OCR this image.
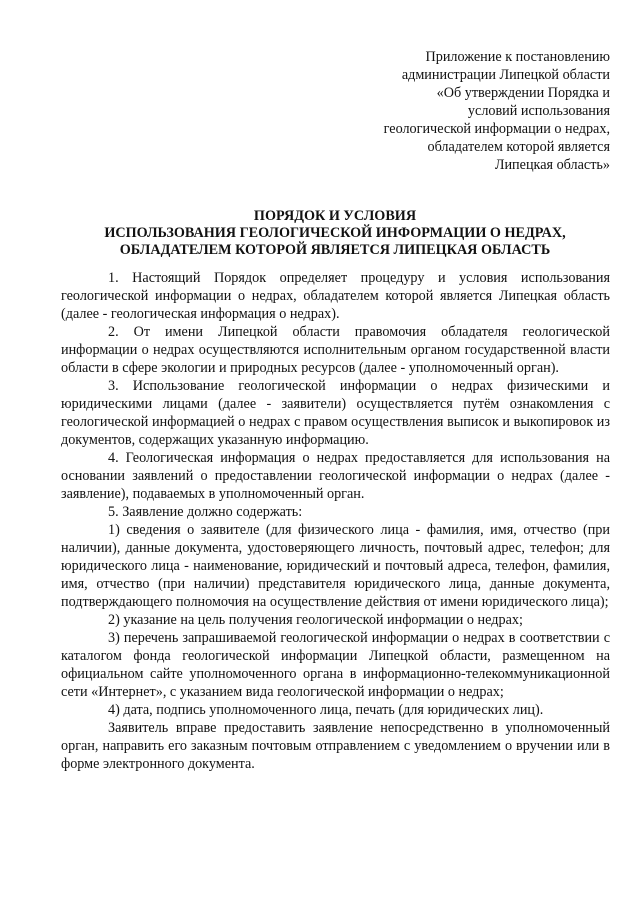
Приложение к постановлению
администрации Липецкой области
«Об утверждении Порядка и
условий использования
геологической информации о недрах,
обладателем которой является
Липецкая область»
ПОРЯДОК И УСЛОВИЯ
ИСПОЛЬЗОВАНИЯ ГЕОЛОГИЧЕСКОЙ ИНФОРМАЦИИ О НЕДРАХ,
ОБЛАДАТЕЛЕМ КОТОРОЙ ЯВЛЯЕТСЯ ЛИПЕЦКАЯ ОБЛАСТЬ

1. Настоящий Порядок определяет процедуру и условия использования геологической информации о недрах, обладателем которой является Липецкая область (далее - геологическая информация о недрах).

2. От имени Липецкой области правомочия обладателя геологической информации о недрах осуществляются исполнительным органом государственной власти области в сфере экологии и природных ресурсов (далее - уполномоченный орган).

3. Использование геологической информации о недрах физическими и юридическими лицами (далее - заявители) осуществляется путём ознакомления с геологической информацией о недрах с правом осуществления выписок и выкопировок из документов, содержащих указанную информацию.

4. Геологическая информация о недрах предоставляется для использования на основании заявлений о предоставлении геологической информации о недрах (далее - заявление), подаваемых в уполномоченный орган.

5. Заявление должно содержать:

1) сведения о заявителе (для физического лица - фамилия, имя, отчество (при наличии), данные документа, удостоверяющего личность, почтовый адрес, телефон; для юридического лица - наименование, юридический и почтовый адреса, телефон, фамилия, имя, отчество (при наличии) представителя юридического лица, данные документа, подтверждающего полномочия на осуществление действия от имени юридического лица);

2) указание на цель получения геологической информации о недрах;

3) перечень запрашиваемой геологической информации о недрах в соответствии с каталогом фонда геологической информации Липецкой области, размещенном на официальном сайте уполномоченного органа в информационно-телекоммуникационной сети «Интернет», с указанием вида геологической информации о недрах;

4) дата, подпись уполномоченного лица, печать (для юридических лиц).

Заявитель вправе предоставить заявление непосредственно в уполномоченный орган, направить его заказным почтовым отправлением с уведомлением о вручении или в форме электронного документа.
